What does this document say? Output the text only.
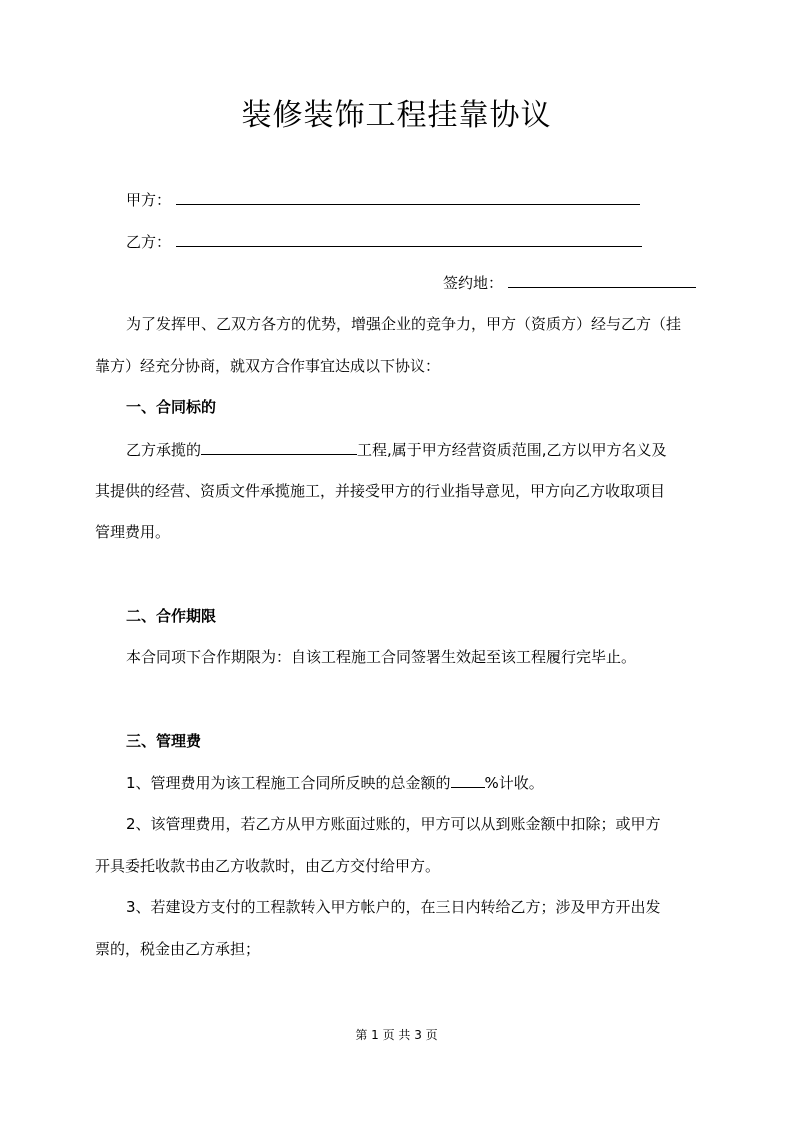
装修装饰工程挂靠协议
甲方：
乙方：
签约地：
为了发挥甲、乙双方各方的优势，增强企业的竞争力，甲方（资质方）经与乙方（挂
靠方）经充分协商，就双方合作事宜达成以下协议：
一、合同标的
乙方承揽的	工程,属于甲方经营资质范围,乙方以甲方名义及
其提供的经营、资质文件承揽施工，并接受甲方的行业指导意见，甲方向乙方收取项目
管理费用。
二、合作期限
本合同项下合作期限为：自该工程施工合同签署生效起至该工程履行完毕止。
三、管理费
1、管理费用为该工程施工合同所反映的总金额的 %计收。
2、该管理费用，若乙方从甲方账面过账的，甲方可以从到账金额中扣除；或甲方
开具委托收款书由乙方收款时，由乙方交付给甲方。
3、若建设方支付的工程款转入甲方帐户的，在三日内转给乙方；涉及甲方开出发
票的，税金由乙方承担；
第 1 页 共 3 页
